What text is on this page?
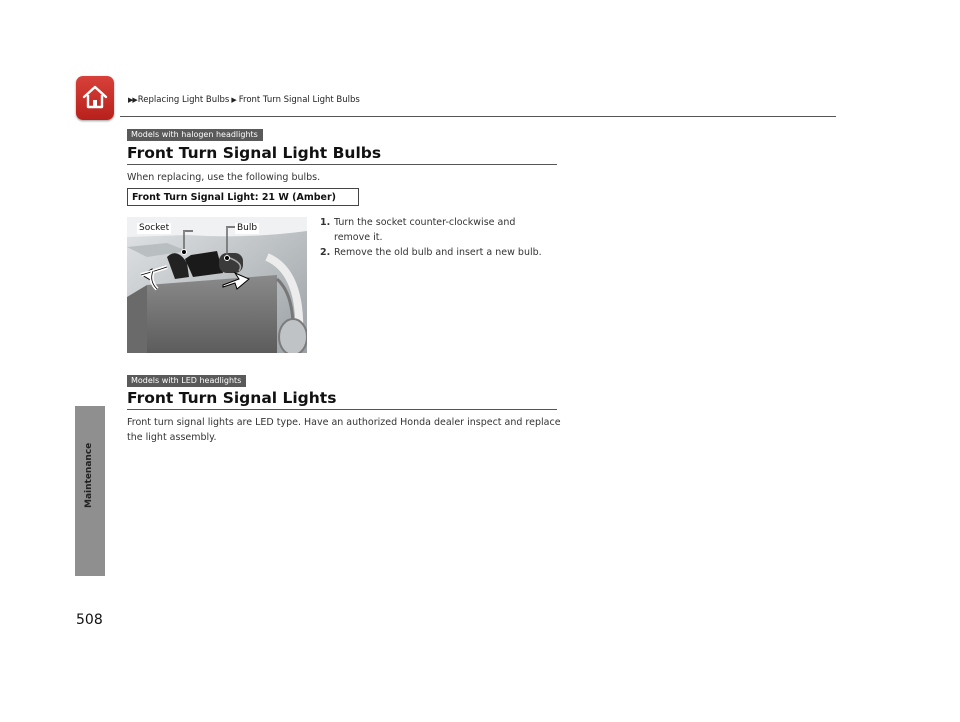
▶▶ Replacing Light Bulbs ▶ Front Turn Signal Light Bulbs
Maintenance
Models with halogen headlights
Front Turn Signal Light Bulbs
When replacing, use the following bulbs.
Front Turn Signal Light: 21 W (Amber)
Socket	Bulb	1. Turn the socket counter-clockwise and remove it.
2. Remove the old bulb and insert a new bulb.
Models with LED headlights
Front Turn Signal Lights
Front turn signal lights are LED type. Have an authorized Honda dealer inspect and replace the light assembly.
508
